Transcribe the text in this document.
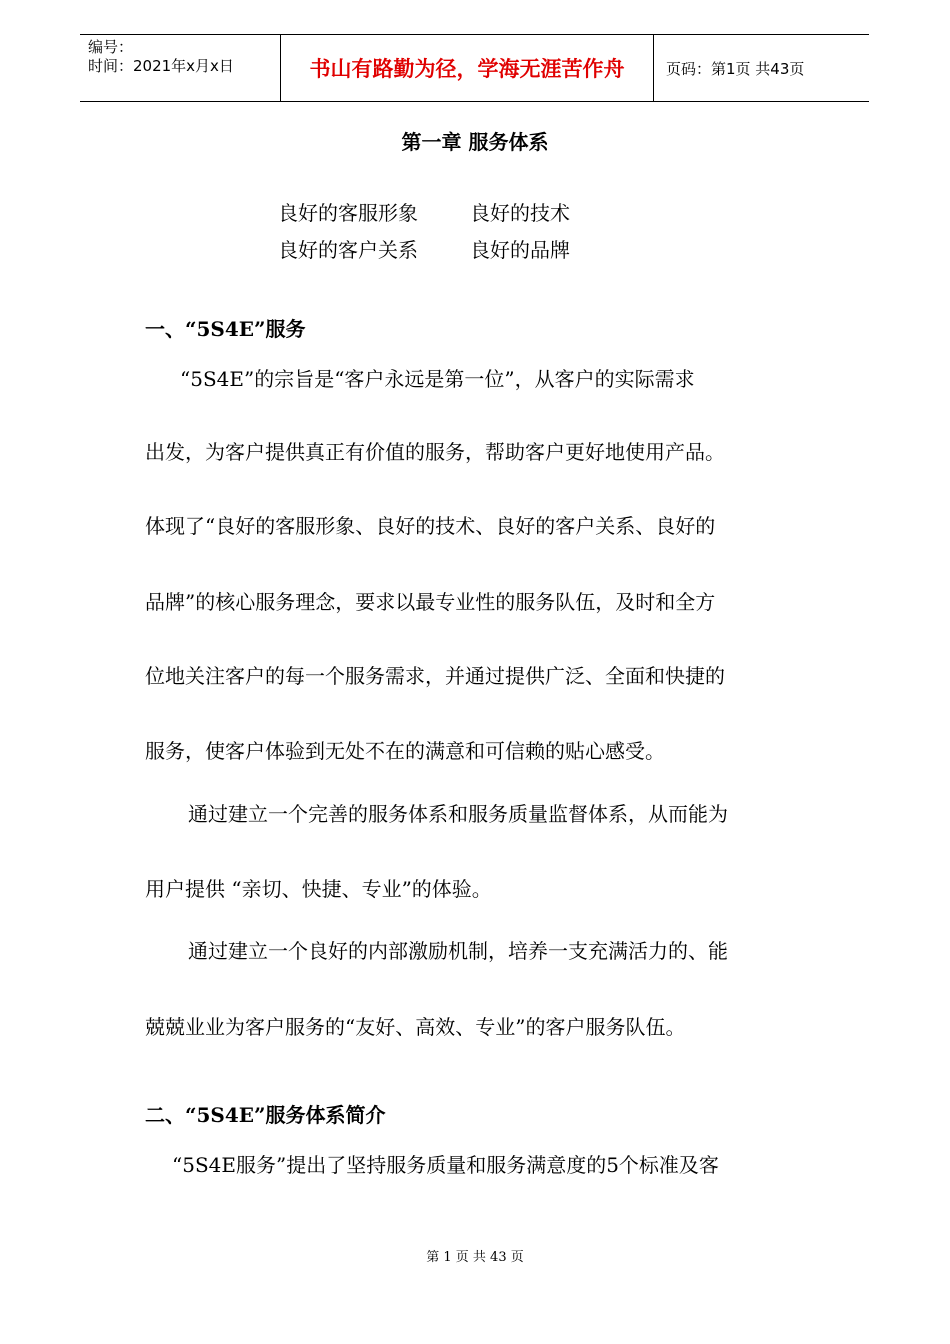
编号：
时间：2021年x月x日	书山有路勤为径，学海无涯苦作舟	页码：第1页 共43页
第一章 服务体系
良好的客服形象	良好的技术
良好的客户关系	良好的品牌
一、“5S4E”服务
“5S4E”的宗旨是“客户永远是第一位”，从客户的实际需求
出发，为客户提供真正有价值的服务，帮助客户更好地使用产品。
体现了“良好的客服形象、良好的技术、良好的客户关系、良好的
品牌”的核心服务理念，要求以最专业性的服务队伍，及时和全方
位地关注客户的每一个服务需求，并通过提供广泛、全面和快捷的
服务，使客户体验到无处不在的满意和可信赖的贴心感受。
通过建立一个完善的服务体系和服务质量监督体系，从而能为
用户提供 “亲切、快捷、专业”的体验。
通过建立一个良好的内部激励机制，培养一支充满活力的、能
兢兢业业为客户服务的“友好、高效、专业”的客户服务队伍。
二、“5S4E”服务体系简介
“5S4E服务”提出了坚持服务质量和服务满意度的5个标准及客
第 1 页 共 43 页
